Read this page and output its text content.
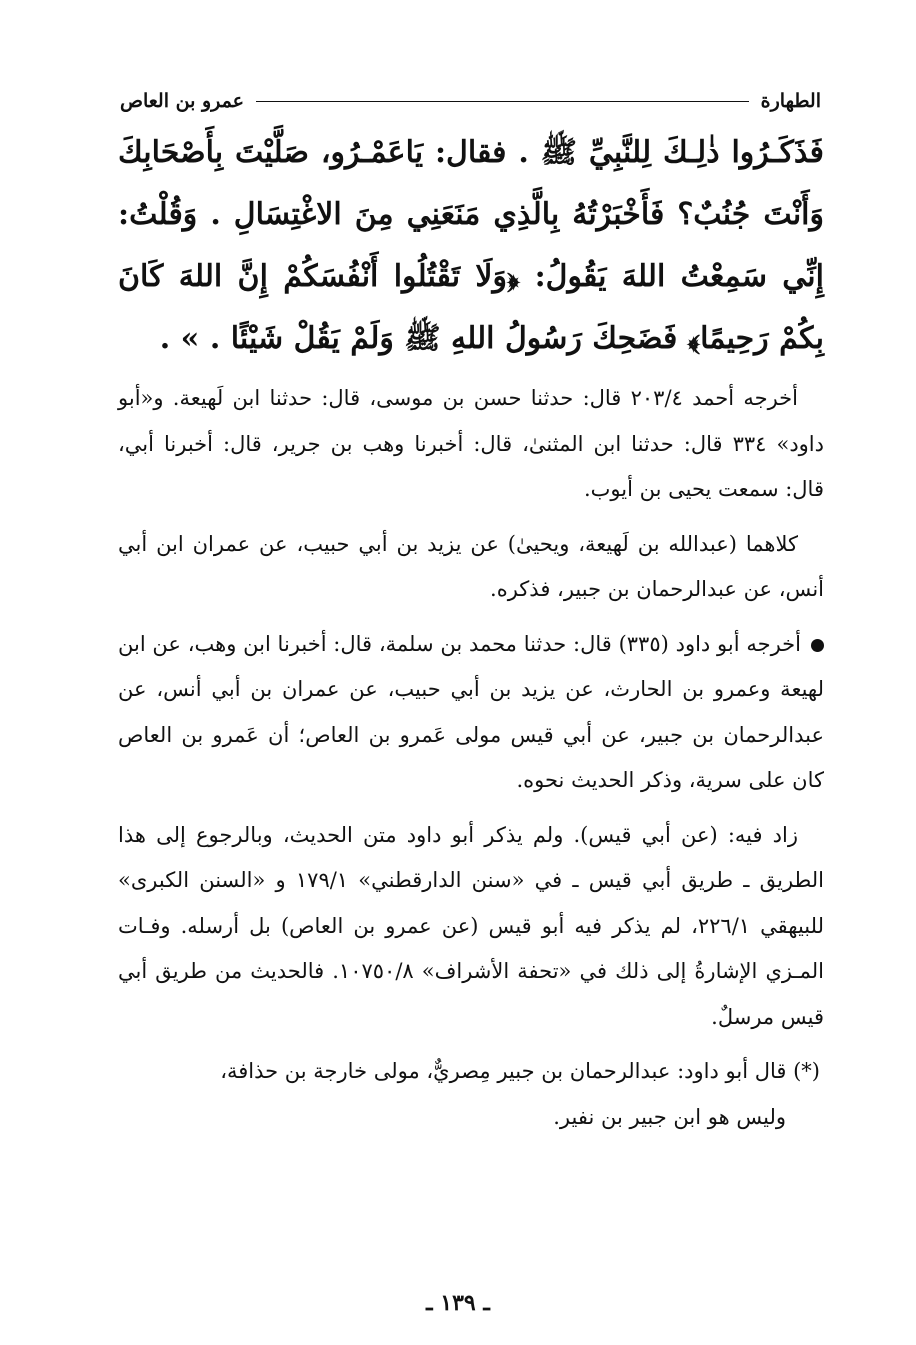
الطهارة
عمرو بن العاص

فَذَكَـرُوا ذٰلِـكَ لِلنَّبِيِّ ﷺ . فقال: يَاعَمْـرُو، صَلَّيْتَ بِأَصْحَابِكَ وَأَنْتَ جُنُبٌ؟ فَأَخْبَرْتُهُ بِالَّذِي مَنَعَنِي مِنَ الاغْتِسَالِ . وَقُلْتُ: إِنِّي سَمِعْتُ اللهَ يَقُولُ: ﴿وَلَا تَقْتُلُوا أَنْفُسَكُمْ إِنَّ اللهَ كَانَ بِكُمْ رَحِيمًا﴾ فَضَحِكَ رَسُولُ اللهِ ﷺ وَلَمْ يَقُلْ شَيْئًا . » .

أخرجه أحمد ٢٠٣/٤ قال: حدثنا حسن بن موسى، قال: حدثنا ابن لَهيعة. و«أبو داود» ٣٣٤ قال: حدثنا ابن المثنىٰ، قال: أخبرنا وهب بن جرير، قال: أخبرنا أبي، قال: سمعت يحيى بن أيوب.

كلاهما (عبدالله بن لَهيعة، ويحيىٰ) عن يزيد بن أبي حبيب، عن عمران ابن أبي أنس، عن عبدالرحمان بن جبير، فذكره.

أخرجه أبو داود (٣٣٥) قال: حدثنا محمد بن سلمة، قال: أخبرنا ابن وهب، عن ابن لهيعة وعمرو بن الحارث، عن يزيد بن أبي حبيب، عن عمران بن أبي أنس، عن عبدالرحمان بن جبير، عن أبي قيس مولى عَمرو بن العاص؛ أن عَمرو بن العاص كان على سرية، وذكر الحديث نحوه.

زاد فيه: (عن أبي قيس). ولم يذكر أبو داود متن الحديث، وبالرجوع إلى هذا الطريق ـ طريق أبي قيس ـ في «سنن الدارقطني» ١٧٩/١ و «السنن الكبرى» للبيهقي ٢٢٦/١، لم يذكر فيه أبو قيس (عن عمرو بن العاص) بل أرسله. وفـات المـزي الإشارةُ إلى ذلك في «تحفة الأشراف» ١٠٧٥٠/٨. فالحديث من طريق أبي قيس مرسلٌ.

(*) قال أبو داود: عبدالرحمان بن جبير مِصريٌّ، مولى خارجة بن حذافة،
وليس هو ابن جبير بن نفير.

ـ ١٣٩ ـ
